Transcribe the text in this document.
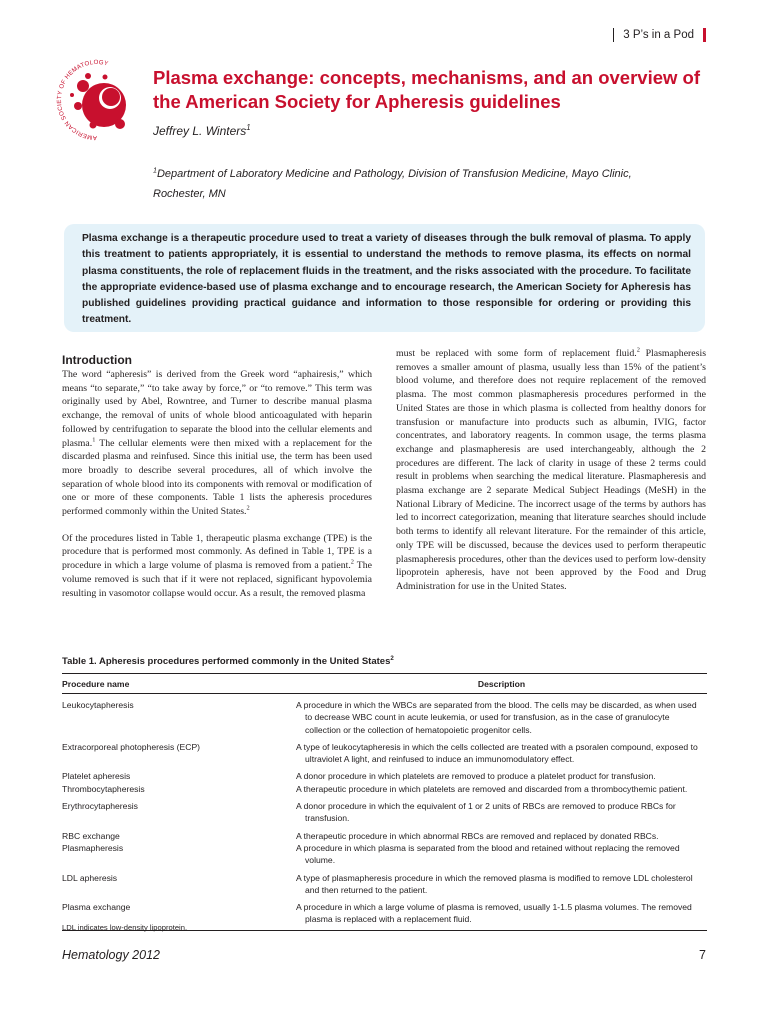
3 P’s in a Pod
AMERICAN SOCIETY OF HEMATOLOGY
Plasma exchange: concepts, mechanisms, and an overview of the American Society for Apheresis guidelines
Jeffrey L. Winters$^1$
$^1$Department of Laboratory Medicine and Pathology, Division of Transfusion Medicine, Mayo Clinic, Rochester, MN

Plasma exchange is a therapeutic procedure used to treat a variety of diseases through the bulk removal of plasma. To apply this treatment to patients appropriately, it is essential to understand the methods to remove plasma, its effects on normal plasma constituents, the role of replacement fluids in the treatment, and the risks associated with the procedure. To facilitate the appropriate evidence-based use of plasma exchange and to encourage research, the American Society for Apheresis has published guidelines providing practical guidance and information to those responsible for ordering or providing this treatment.

Introduction

The word “apheresis” is derived from the Greek word “aphairesis,” which means “to separate,” “to take away by force,” or “to remove.” This term was originally used by Abel, Rowntree, and Turner to describe manual plasma exchange, the removal of units of whole blood anticoagulated with heparin followed by centrifugation to separate the blood into the cellular elements and plasma.$^1$ The cellular elements were then mixed with a replacement for the discarded plasma and reinfused. Since this initial use, the term has been used more broadly to describe several procedures, all of which involve the separation of whole blood into its components with removal or modification of one or more of these components. Table 1 lists the apheresis procedures performed commonly within the United States.$^2$

Of the procedures listed in Table 1, therapeutic plasma exchange (TPE) is the procedure that is performed most commonly. As defined in Table 1, TPE is a procedure in which a large volume of plasma is removed from a patient.$^2$ The volume removed is such that if it were not replaced, significant hypovolemia resulting in vasomotor collapse would occur. As a result, the removed plasma

must be replaced with some form of replacement fluid.$^2$ Plasmapheresis removes a smaller amount of plasma, usually less than 15% of the patient’s blood volume, and therefore does not require replacement of the removed plasma. The most common plasmapheresis procedures performed in the United States are those in which plasma is collected from healthy donors for transfusion or manufacture into products such as albumin, IVIG, factor concentrates, and laboratory reagents. In common usage, the terms plasma exchange and plasmapheresis are used interchangeably, although the 2 procedures are different. The lack of clarity in usage of these 2 terms could result in problems when searching the medical literature. Plasmapheresis and plasma exchange are 2 separate Medical Subject Headings (MeSH) in the National Library of Medicine. The incorrect usage of the terms by authors has led to incorrect categorization, meaning that literature searches should include both terms to identify all relevant literature. For the remainder of this article, only TPE will be discussed, because the devices used to perform therapeutic plasmapheresis procedures, other than the devices used to perform low-density lipoprotein apheresis, have not been approved by the Food and Drug Administration for use in the United States.

Table 1. Apheresis procedures performed commonly in the United States$^2$
Procedure name	Description
Leukocytapheresis	A procedure in which the WBCs are separated from the blood. The cells may be discarded, as when used to decrease WBC count in acute leukemia, or used for transfusion, as in the case of granulocyte collection or the collection of hematopoietic progenitor cells.
Extracorporeal photopheresis (ECP)	A type of leukocytapheresis in which the cells collected are treated with a psoralen compound, exposed to ultraviolet A light, and reinfused to induce an immunomodulatory effect.
Platelet apheresis	A donor procedure in which platelets are removed to produce a platelet product for transfusion.
Thrombocytapheresis	A therapeutic procedure in which platelets are removed and discarded from a thrombocythemic patient.
Erythrocytapheresis	A donor procedure in which the equivalent of 1 or 2 units of RBCs are removed to produce RBCs for transfusion.
RBC exchange	A therapeutic procedure in which abnormal RBCs are removed and replaced by donated RBCs.
Plasmapheresis	A procedure in which plasma is separated from the blood and retained without replacing the removed volume.
LDL apheresis	A type of plasmapheresis procedure in which the removed plasma is modified to remove LDL cholesterol and then returned to the patient.
Plasma exchange	A procedure in which a large volume of plasma is removed, usually 1-1.5 plasma volumes. The removed plasma is replaced with a replacement fluid.
LDL indicates low-density lipoprotein.
Hematology 2012	7
